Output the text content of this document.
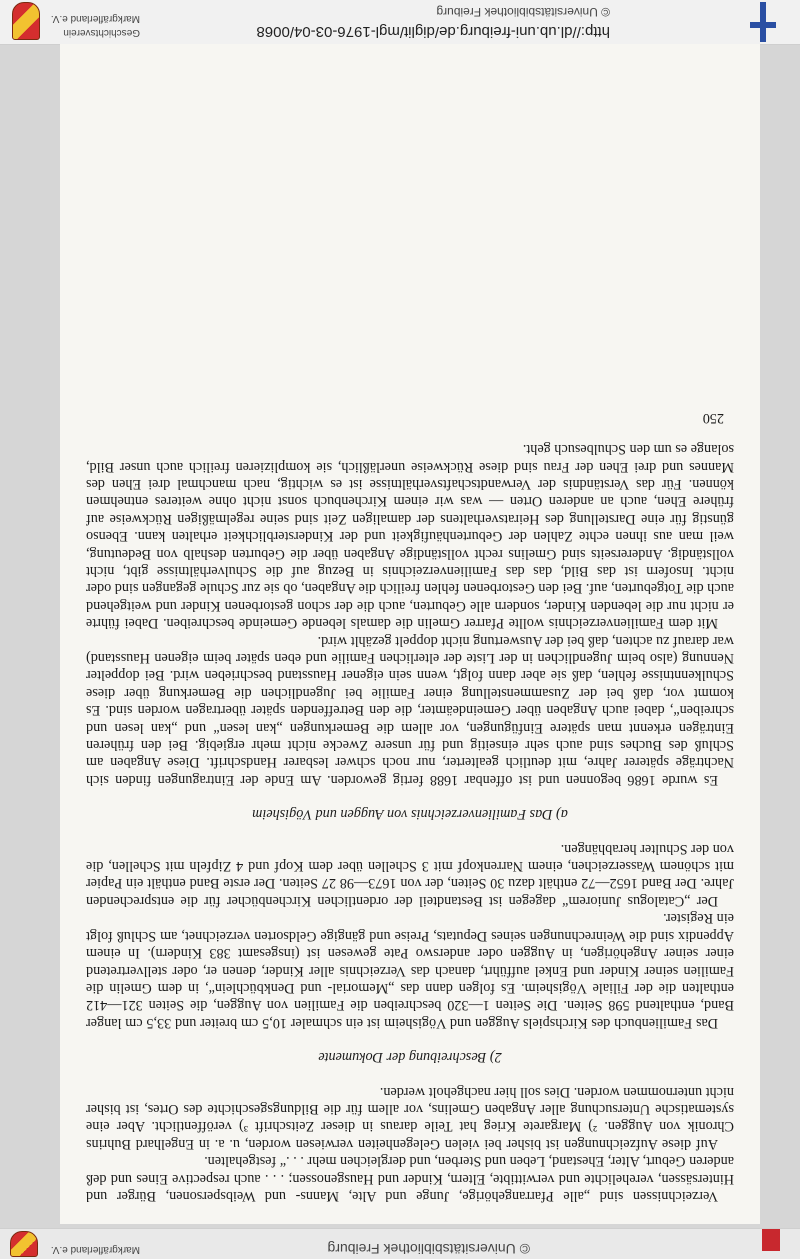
http://dl.ub.uni-freiburg.de/diglit/mgl-1976-03-04/0068
© Universitätsbibliothek Freiburg
Geschichtsverein
Markgräflerland e.V.

Verzeichnissen sind „alle Pfarrangehörige, Junge und Alte, Manns- und Weibspersonen, Bürger und Hintersässen, verehelichte und verwittibte, Eltern, Kinder und Hausgenossen; . . . auch respective Eines und deß anderen Geburt, Alter, Ehestand, Leben und Sterben, und dergleichen mehr . . .“ festgehalten.

Auf diese Aufzeichnungen ist bisher bei vielen Gelegenheiten verwiesen worden, u. a. in Engelhard Buhrins Chronik von Auggen. ²) Margarete Krieg hat Teile daraus in dieser Zeitschrift ³) veröffentlicht. Aber eine systematische Untersuchung aller Angaben Gmelins, vor allem für die Bildungsgeschichte des Ortes, ist bisher nicht unternommen worden. Dies soll hier nachgeholt werden.

2) Beschreibung der Dokumente

Das Familienbuch des Kirchspiels Auggen und Vögisheim ist ein schmaler 10,5 cm breiter und 33,5 cm langer Band, enthaltend 598 Seiten. Die Seiten 1—320 beschreiben die Familien von Auggen, die Seiten 321—412 enthalten die der Filiale Vögisheim. Es folgen dann das „Memorial- und Denkbüchlein“, in dem Gmelin die Familien seiner Kinder und Enkel aufführt, danach das Verzeichnis aller Kinder, denen er, oder stellvertretend einer seiner Angehörigen, in Auggen oder anderswo Pate gewesen ist (insgesamt 383 Kindern). In einem Appendix sind die Weinrechnungen seines Deputats, Preise und gängige Geldsorten verzeichnet, am Schluß folgt ein Register.

Der „Catalogus Juniorem“ dagegen ist Bestandteil der ordentlichen Kirchenbücher für die entsprechenden Jahre. Der Band 1652—72 enthält dazu 30 Seiten, der von 1673—98 27 Seiten. Der erste Band enthält ein Papier mit schönem Wasserzeichen, einem Narrenkopf mit 3 Schellen über dem Kopf und 4 Zipfeln mit Schellen, die von der Schulter herabhängen.

a) Das Familienverzeichnis von Auggen und Vögisheim

Es wurde 1686 begonnen und ist offenbar 1688 fertig geworden. Am Ende der Eintragungen finden sich Nachträge späterer Jahre, mit deutlich gealterter, nur noch schwer lesbarer Handschrift. Diese Angaben am Schluß des Buches sind auch sehr einseitig und für unsere Zwecke nicht mehr ergiebig. Bei den früheren Einträgen erkennt man spätere Einfügungen, vor allem die Bemerkungen „kan lesen“ und „kan lesen und schreiben“, dabei auch Angaben über Gemeindeämter, die den Betreffenden später übertragen worden sind. Es kommt vor, daß bei der Zusammenstellung einer Familie bei Jugendlichen die Bemerkung über diese Schulkenntnisse fehlen, daß sie aber dann folgt, wenn sein eigener Hausstand beschrieben wird. Bei doppelter Nennung (also beim Jugendlichen in der Liste der elterlichen Familie und eben später beim eigenen Hausstand) war darauf zu achten, daß bei der Auswertung nicht doppelt gezählt wird.

Mit dem Familienverzeichnis wollte Pfarrer Gmelin die damals lebende Gemeinde beschreiben. Dabei führte er nicht nur die lebenden Kinder, sondern alle Geburten, auch die der schon gestorbenen Kinder und weitgehend auch die Totgeburten, auf. Bei den Gestorbenen fehlen freilich die Angaben, ob sie zur Schule gegangen sind oder nicht. Insofern ist das Bild, das das Familienverzeichnis in Bezug auf die Schulverhältnisse gibt, nicht vollständig. Andererseits sind Gmelins recht vollständige Angaben über die Geburten deshalb von Bedeutung, weil man aus ihnen echte Zahlen der Geburtenhäufigkeit und der Kindersterblichkeit erhalten kann. Ebenso günstig für eine Darstellung des Heiratsverhaltens der damaligen Zeit sind seine regelmäßigen Rückweise auf frühere Ehen, auch an anderen Orten — was wir einem Kirchenbuch sonst nicht ohne weiteres entnehmen können. Für das Verständnis der Verwandtschaftsverhältnisse ist es wichtig, nach manchmal drei Ehen des Mannes und drei Ehen der Frau sind diese Rückweise unerläßlich, sie komplizieren freilich auch unser Bild, solange es um den Schulbesuch geht.

250

© Universitätsbibliothek Freiburg
Markgräflerland e.V.
